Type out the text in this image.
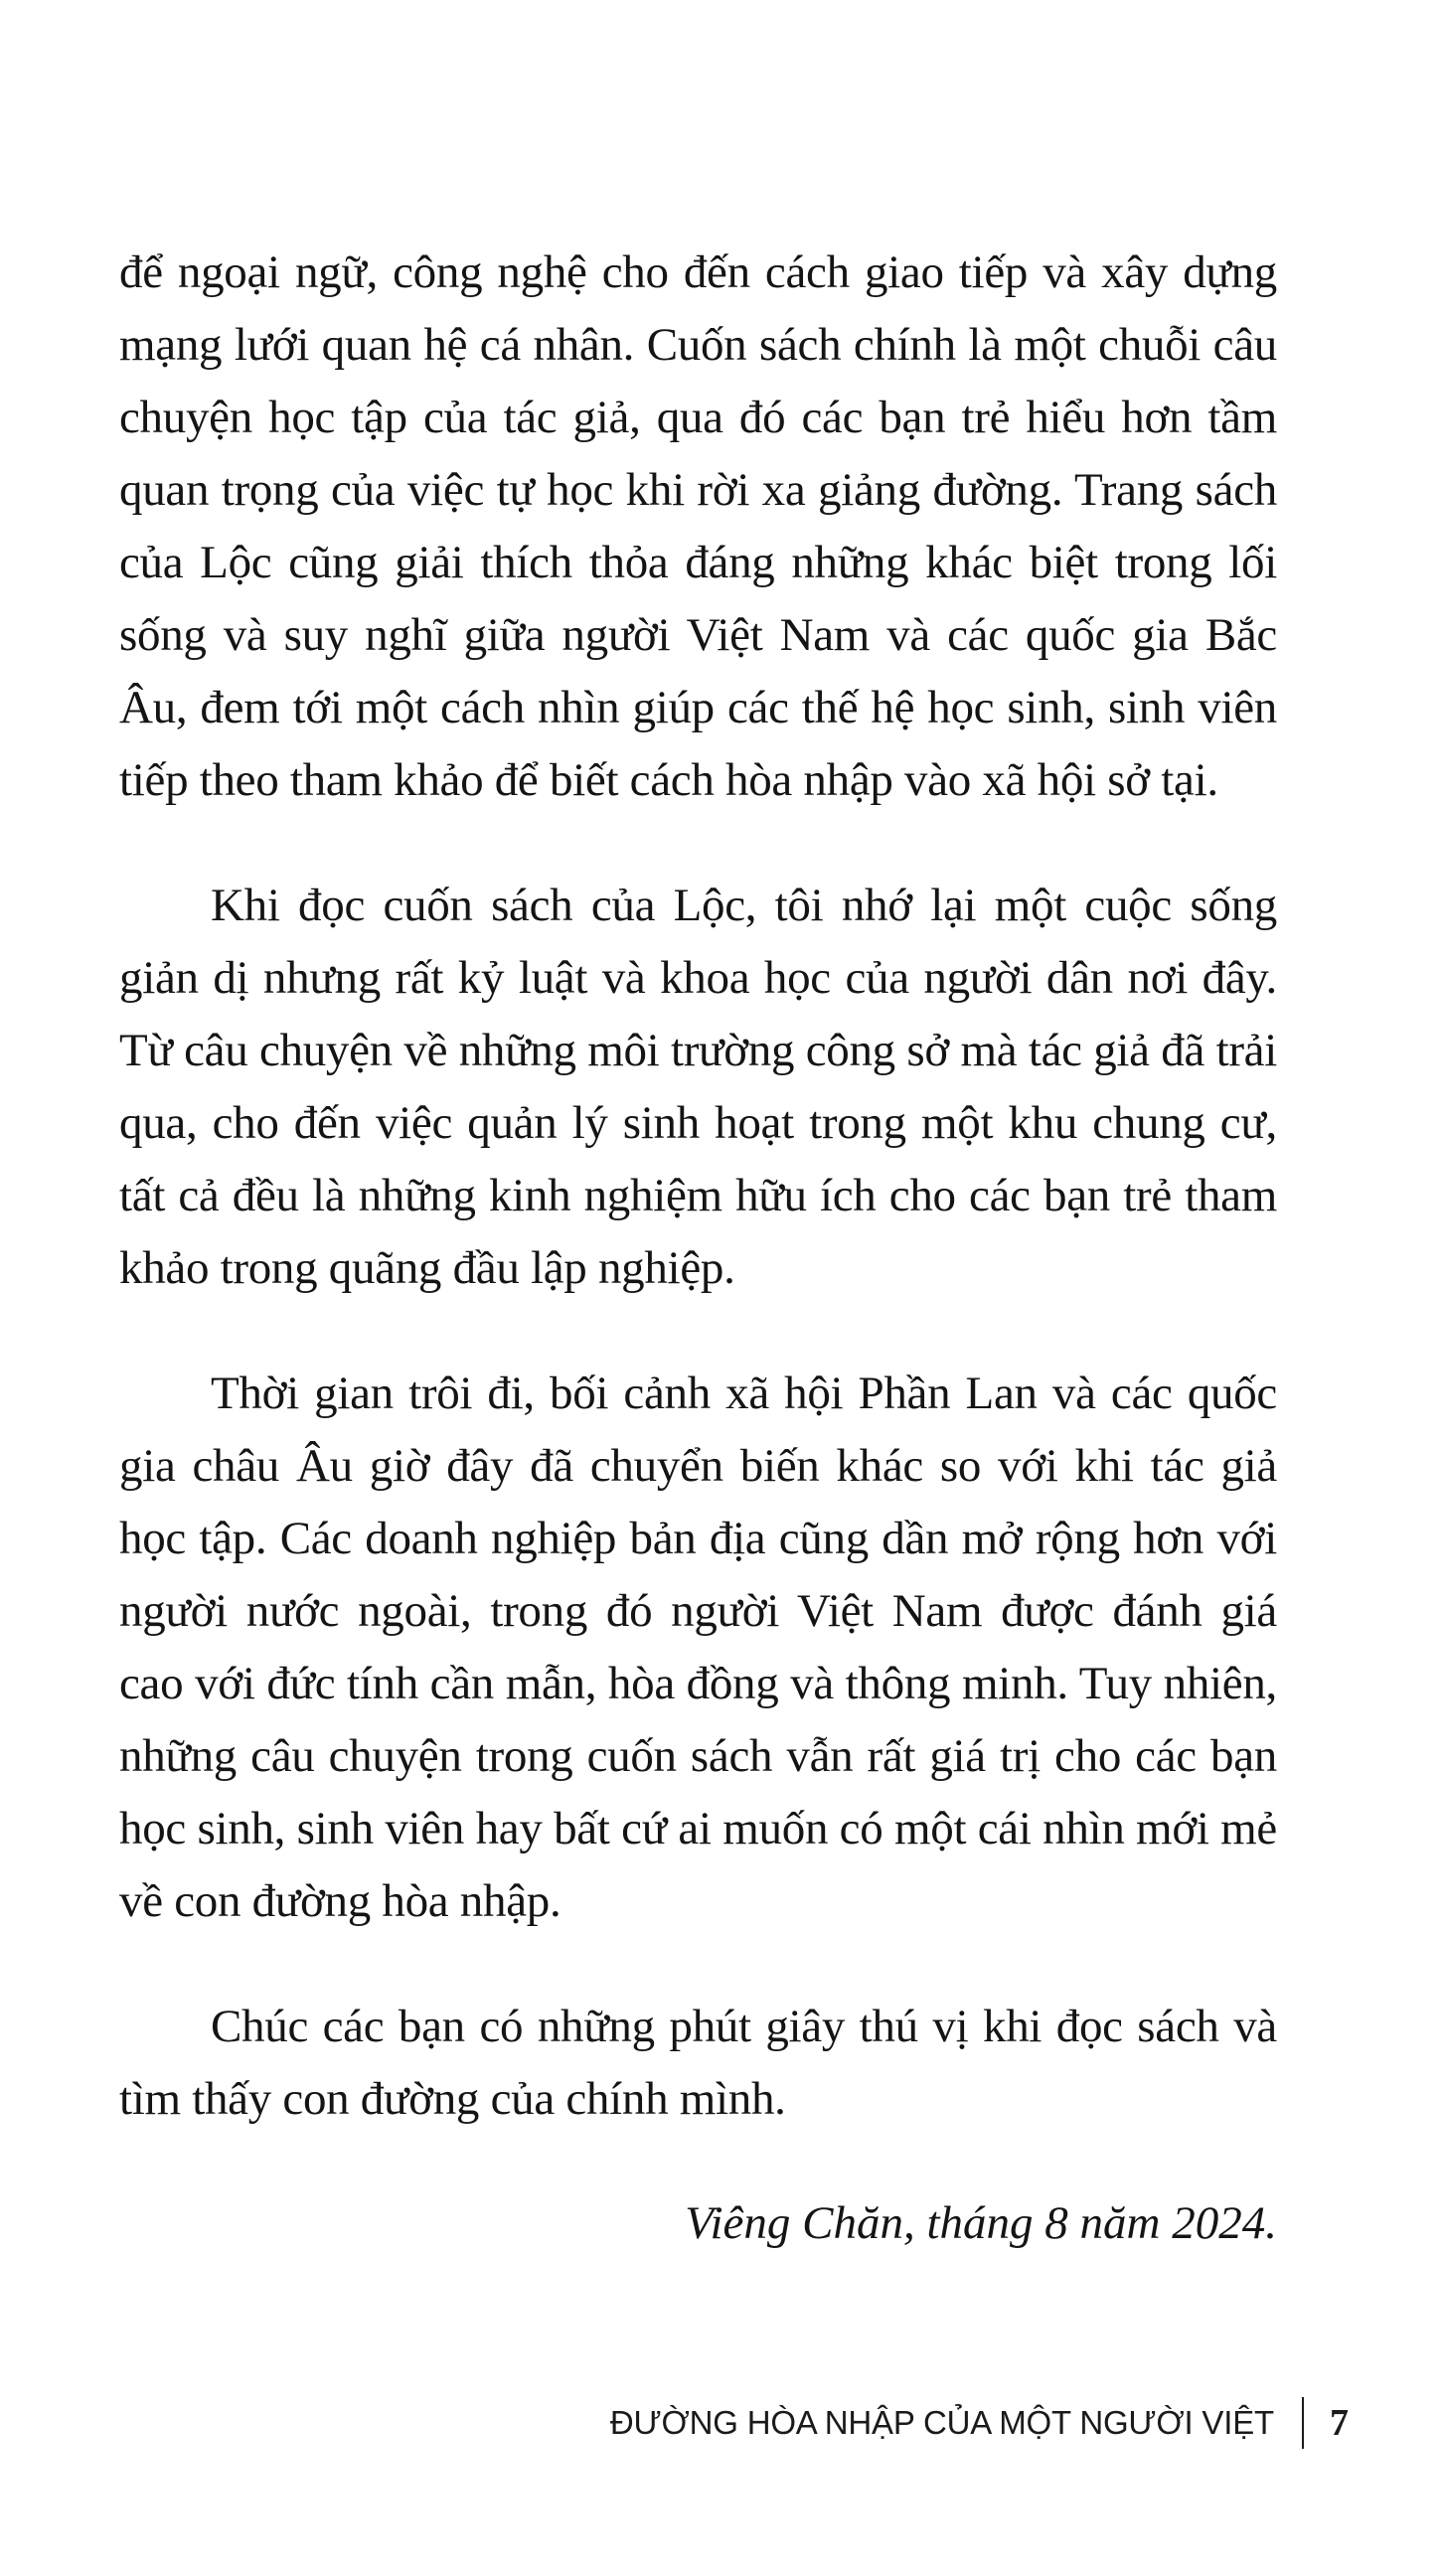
để ngoại ngữ, công nghệ cho đến cách giao tiếp và xây dựng mạng lưới quan hệ cá nhân. Cuốn sách chính là một chuỗi câu chuyện học tập của tác giả, qua đó các bạn trẻ hiểu hơn tầm quan trọng của việc tự học khi rời xa giảng đường. Trang sách của Lộc cũng giải thích thỏa đáng những khác biệt trong lối sống và suy nghĩ giữa người Việt Nam và các quốc gia Bắc Âu, đem tới một cách nhìn giúp các thế hệ học sinh, sinh viên tiếp theo tham khảo để biết cách hòa nhập vào xã hội sở tại.

Khi đọc cuốn sách của Lộc, tôi nhớ lại một cuộc sống giản dị nhưng rất kỷ luật và khoa học của người dân nơi đây. Từ câu chuyện về những môi trường công sở mà tác giả đã trải qua, cho đến việc quản lý sinh hoạt trong một khu chung cư, tất cả đều là những kinh nghiệm hữu ích cho các bạn trẻ tham khảo trong quãng đầu lập nghiệp.

Thời gian trôi đi, bối cảnh xã hội Phần Lan và các quốc gia châu Âu giờ đây đã chuyển biến khác so với khi tác giả học tập. Các doanh nghiệp bản địa cũng dần mở rộng hơn với người nước ngoài, trong đó người Việt Nam được đánh giá cao với đức tính cần mẫn, hòa đồng và thông minh. Tuy nhiên, những câu chuyện trong cuốn sách vẫn rất giá trị cho các bạn học sinh, sinh viên hay bất cứ ai muốn có một cái nhìn mới mẻ về con đường hòa nhập.

Chúc các bạn có những phút giây thú vị khi đọc sách và tìm thấy con đường của chính mình.

Viêng Chăn, tháng 8 năm 2024.

ĐƯỜNG HÒA NHẬP CỦA MỘT NGƯỜI VIỆT 7
